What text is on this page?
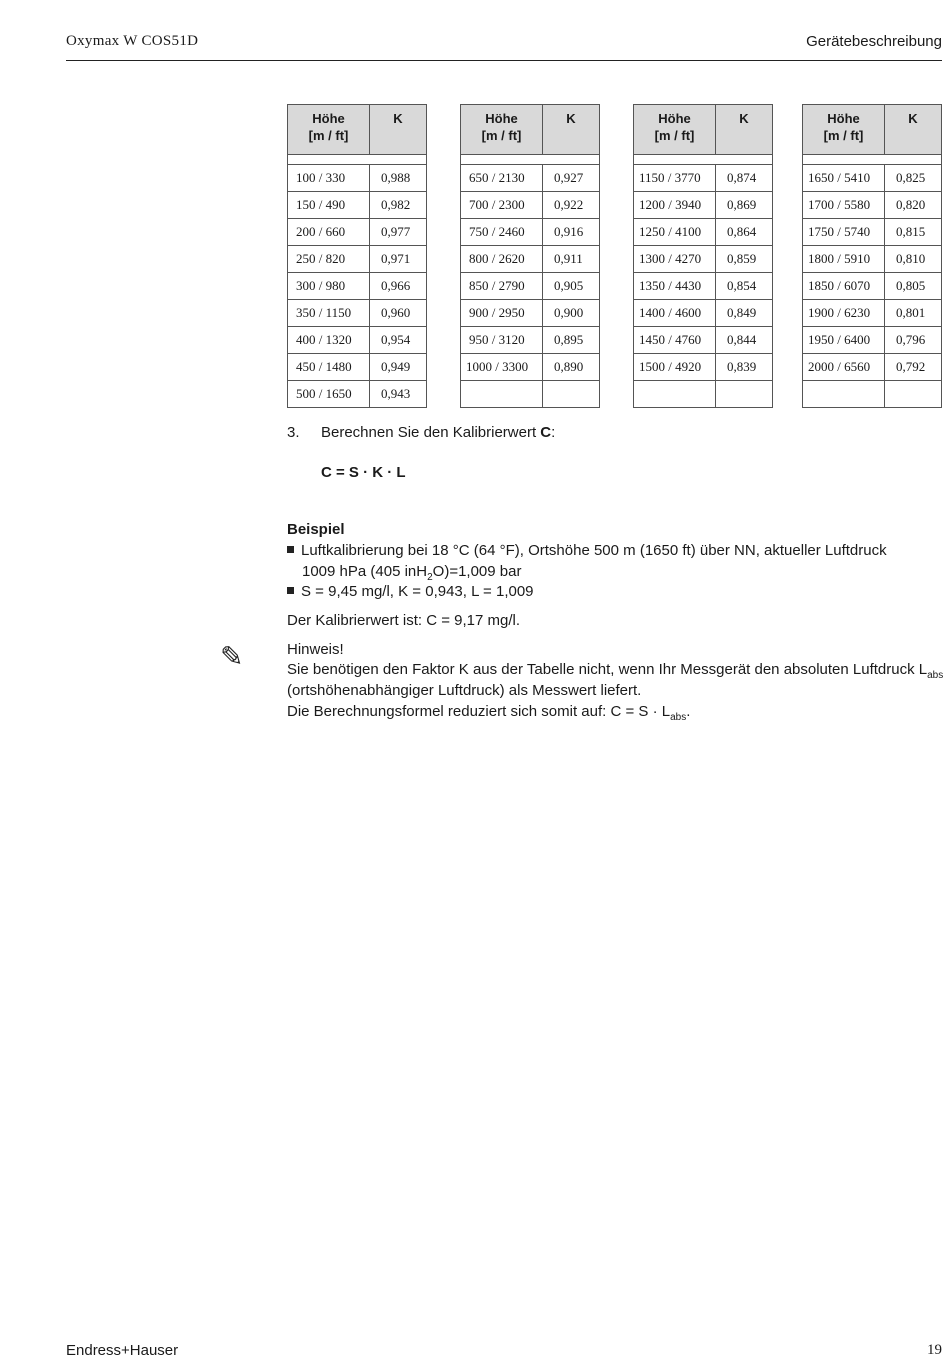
Oxymax W COS51D	Gerätebeschreibung
Höhe
[m / ft]	K

100 / 330	0,988
150 / 490	0,982
200 / 660	0,977
250 / 820	0,971
300 / 980	0,966
350 / 1150	0,960
400 / 1320	0,954
450 / 1480	0,949
500 / 1650	0,943
Höhe
[m / ft]	K

650 / 2130	0,927
700 / 2300	0,922
750 / 2460	0,916
800 / 2620	0,911
850 / 2790	0,905
900 / 2950	0,900
950 / 3120	0,895
1000 / 3300	0,890

Höhe
[m / ft]	K

1150 / 3770	0,874
1200 / 3940	0,869
1250 / 4100	0,864
1300 / 4270	0,859
1350 / 4430	0,854
1400 / 4600	0,849
1450 / 4760	0,844
1500 / 4920	0,839

Höhe
[m / ft]	K

1650 / 5410	0,825
1700 / 5580	0,820
1750 / 5740	0,815
1800 / 5910	0,810
1850 / 6070	0,805
1900 / 6230	0,801
1950 / 6400	0,796
2000 / 6560	0,792

3. Berechnen Sie den Kalibrierwert C:
C = S · K · L
Beispiel
Luftkalibrierung bei 18 °C (64 °F), Ortshöhe 500 m (1650 ft) über NN, aktueller Luftdruck
1009 hPa (405 inH$_2$O)=1,009 bar
S = 9,45 mg/l, K = 0,943, L = 1,009
Der Kalibrierwert ist: C = 9,17 mg/l.
✎	Hinweis!
Sie benötigen den Faktor K aus der Tabelle nicht, wenn Ihr Messgerät den absoluten Luftdruck $L_{abs}$
(ortshöhenabhängiger Luftdruck) als Messwert liefert.
Die Berechnungsformel reduziert sich somit auf: $C = S \cdot L_{abs}$.
Endress+Hauser	19
